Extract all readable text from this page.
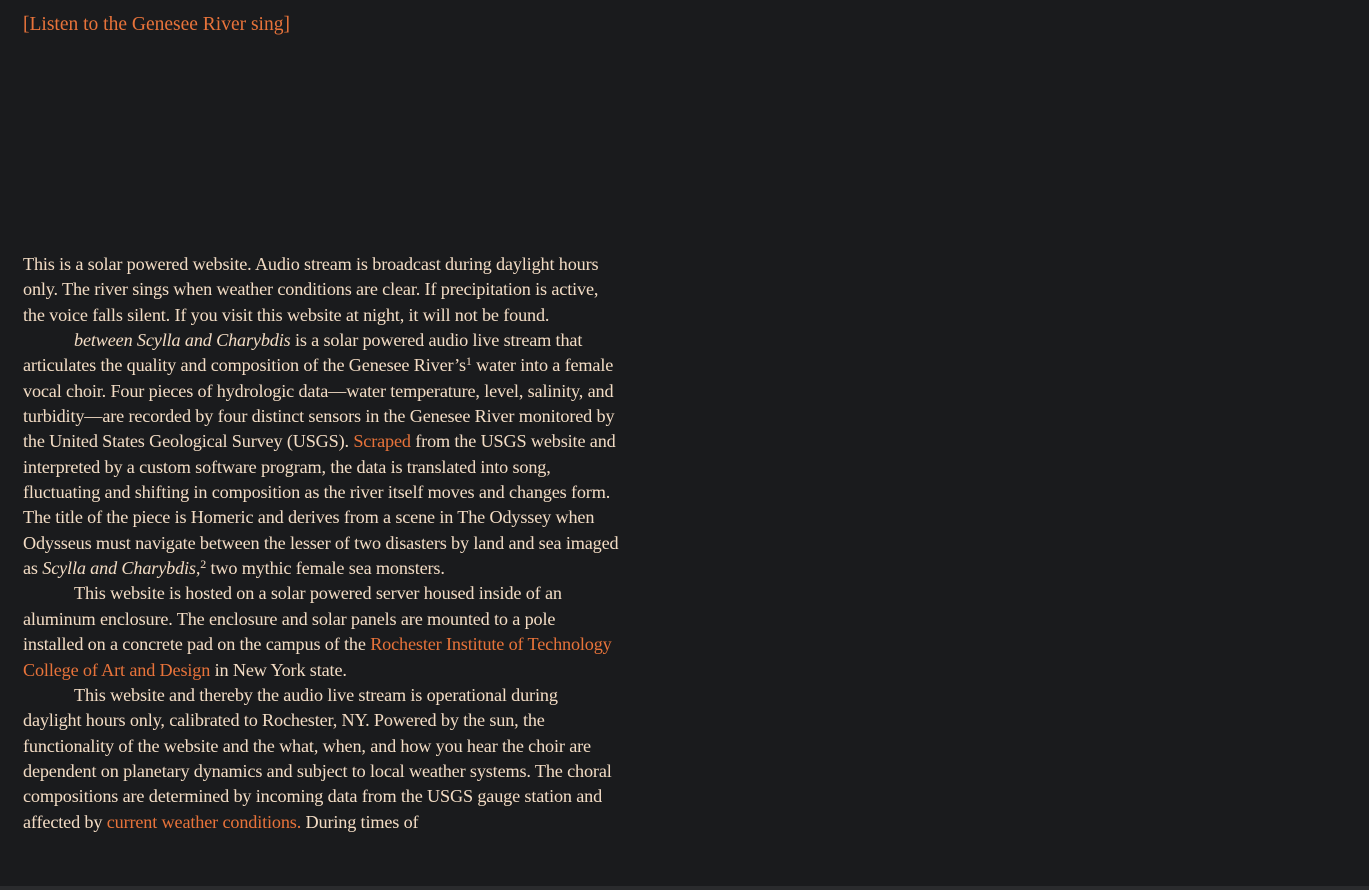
[Listen to the Genesee River sing]

This is a solar powered website. Audio stream is broadcast during daylight hours only. The river sings when weather conditions are clear. If precipitation is active, the voice falls silent. If you visit this website at night, it will not be found.

between Scylla and Charybdis is a solar powered audio live stream that articulates the quality and composition of the Genesee $River’s^1$ water into a female vocal choir. Four pieces of hydrologic data—water temperature, level, salinity, and turbidity—are recorded by four distinct sensors in the Genesee River monitored by the United States Geological Survey (USGS). Scraped from the USGS website and interpreted by a custom software program, the data is translated into song, fluctuating and shifting in composition as the river itself moves and changes form. The title of the piece is Homeric and derives from a scene in The Odyssey when Odysseus must navigate between the lesser of two disasters by land and sea imaged as Scylla and Charybdis,$^2$ two mythic female sea monsters.

This website is hosted on a solar powered server housed inside of an aluminum enclosure. The enclosure and solar panels are mounted to a pole installed on a concrete pad on the campus of the Rochester Institute of Technology College of Art and Design in New York state.

This website and thereby the audio live stream is operational during daylight hours only, calibrated to Rochester, NY. Powered by the sun, the functionality of the website and the what, when, and how you hear the choir are dependent on planetary dynamics and subject to local weather systems. The choral compositions are determined by incoming data from the USGS gauge station and affected by current weather conditions. During times of
